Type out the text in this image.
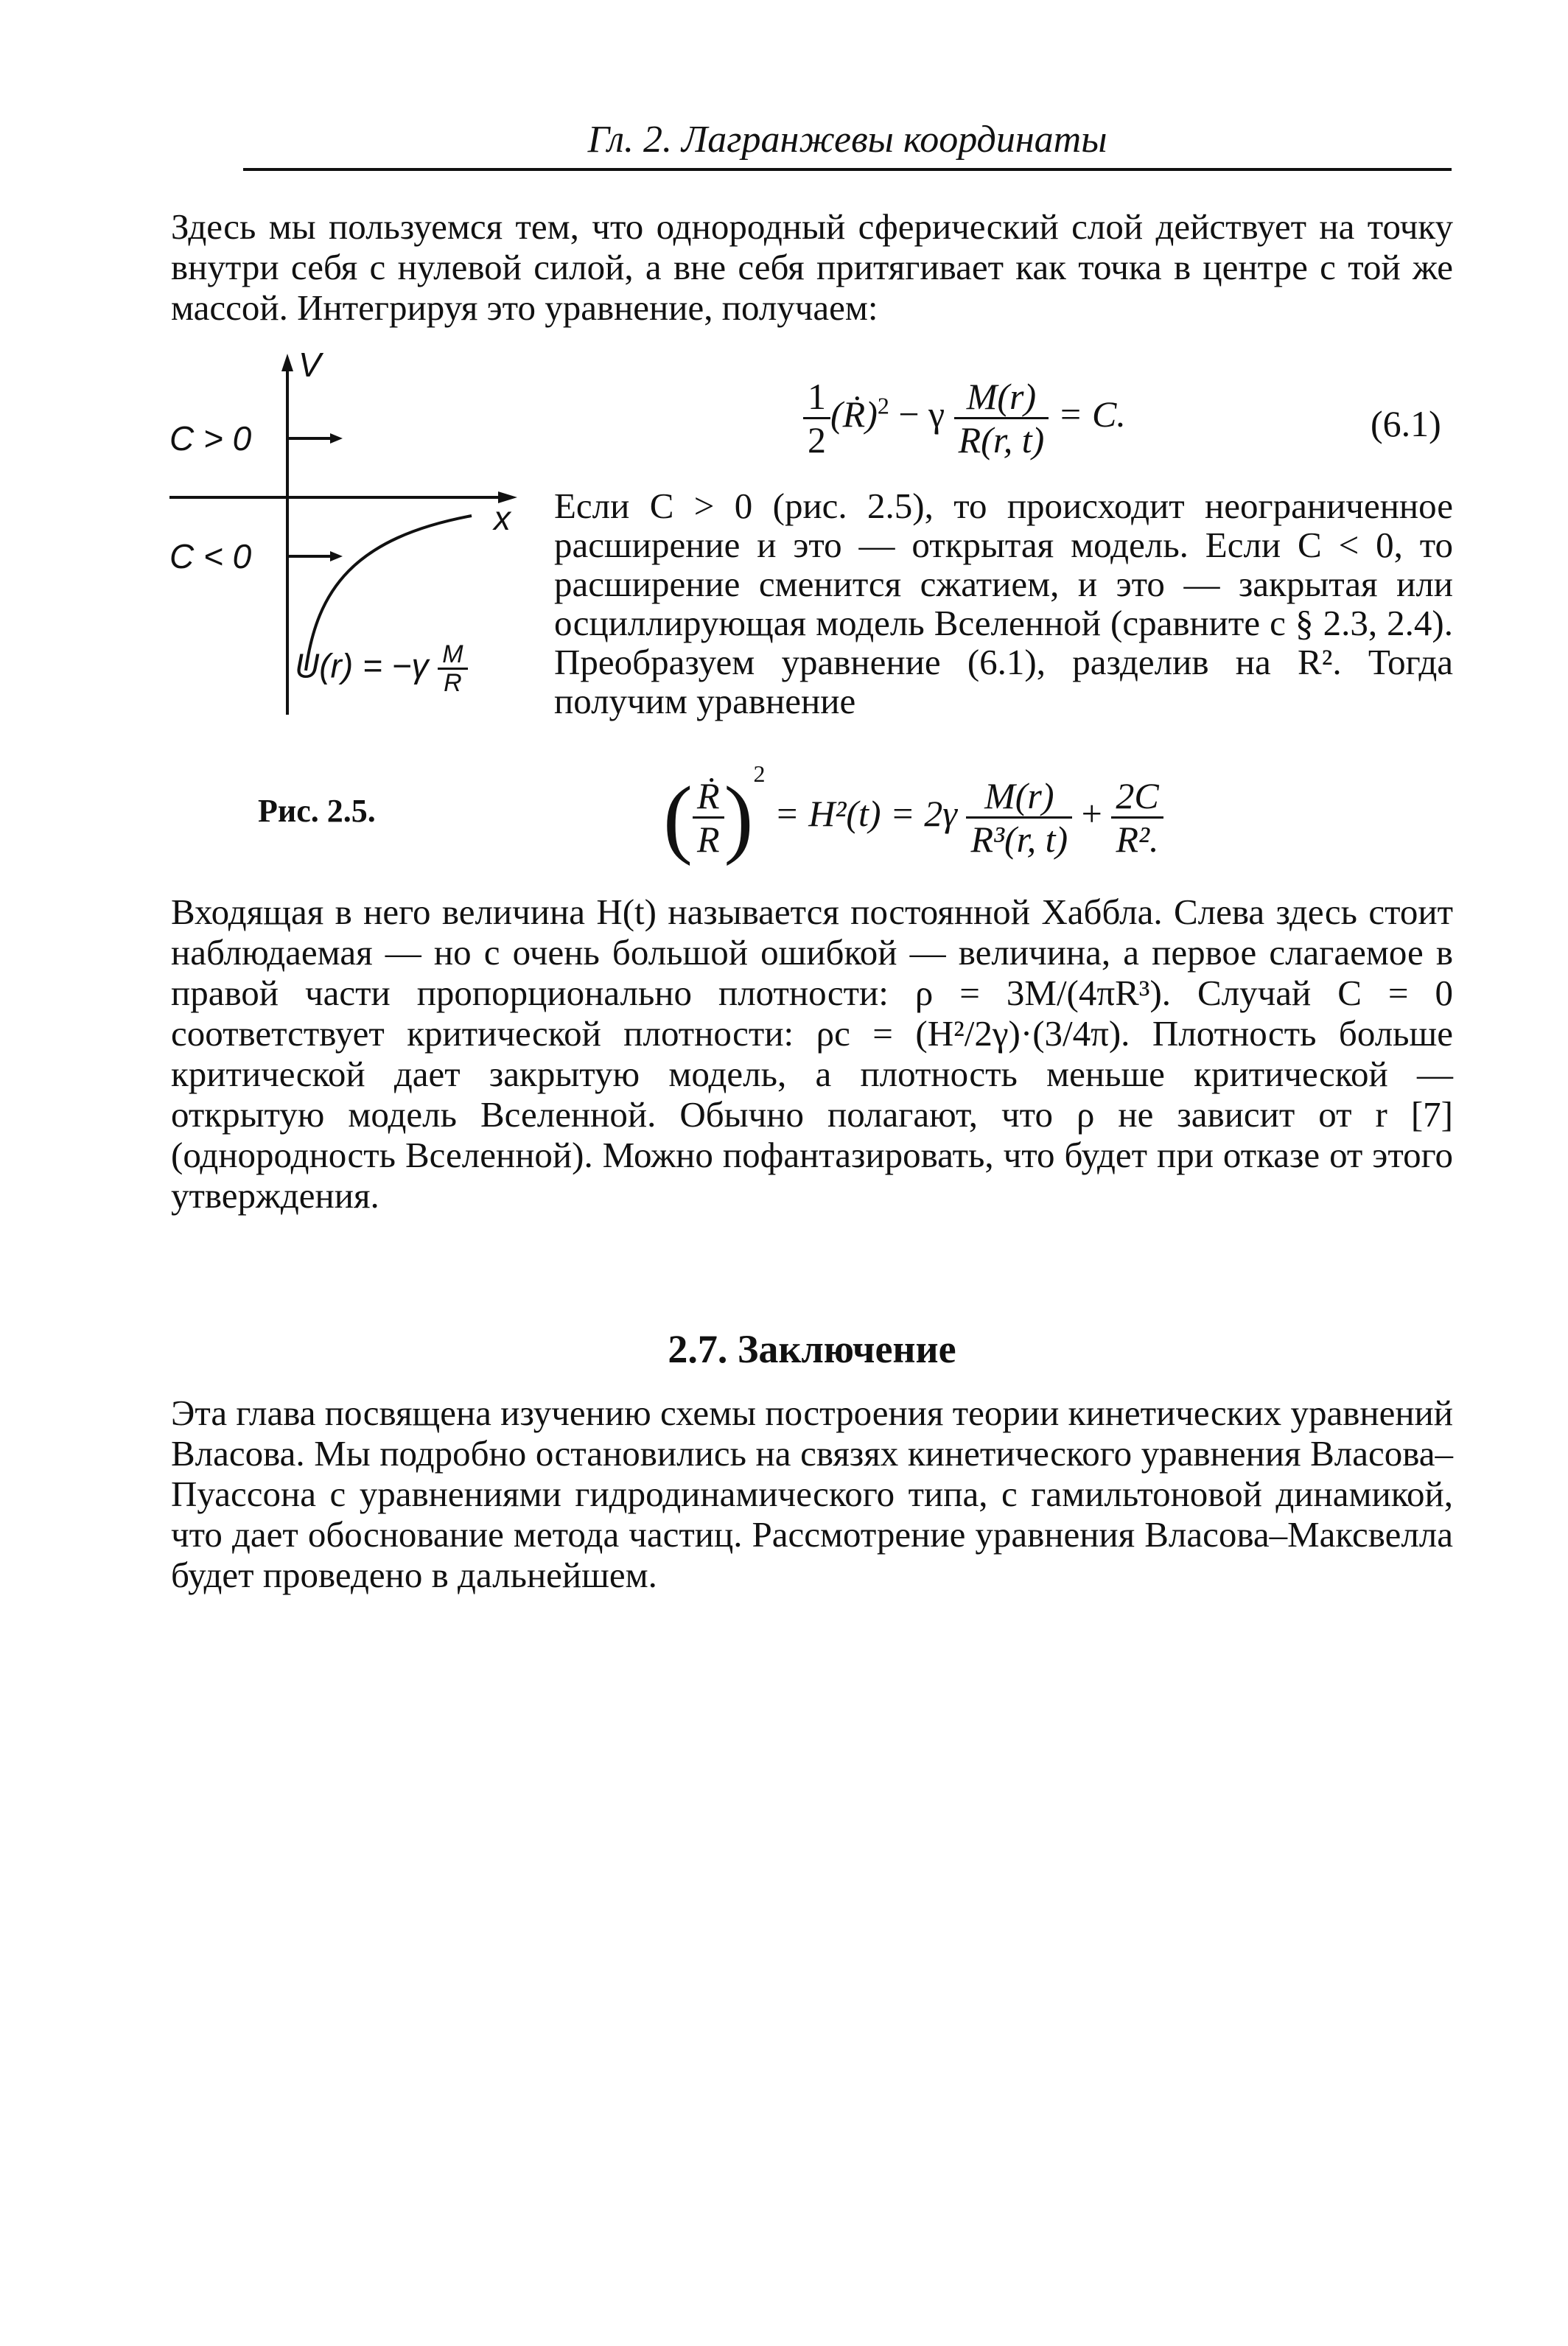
Гл. 2. Лагранжевы координаты

Здесь мы пользуемся тем, что однородный сферический слой действует на точку внутри себя с нулевой силой, а вне себя притягивает как точка в центре с той же массой. Интегрируя это уравнение, получаем:

V
x
C > 0
C < 0
$U(r) = -\gamma \frac{M}{R}$
$\frac{1}{2}$ (Ṙ)$^2$ − γ $\frac{M(r)}{R(r, t)} = C$.	(6.1)

Если C > 0 (рис. 2.5), то происходит неограниченное расширение и это — открытая модель. Если C < 0, то расширение сменится сжатием, и это — закрытая или осциллирующая модель Вселенной (сравните с § 2.3, 2.4). Преобразуем уравнение (6.1), разделив на R². Тогда получим уравнение

Рис. 2.5.	( $\frac{\text{Ṙ}}{R} )^2 = H^2(t) = 2\gamma \frac{M(r)}{\text{R³(r, t)}} + \frac{2C}{\text{R².}}$

Входящая в него величина H(t) называется постоянной Хаббла. Слева здесь стоит наблюдаемая — но с очень большой ошибкой — величина, а первое слагаемое в правой части пропорционально плотности: ρ = 3M/(4πR³). Случай C = 0 соответствует критической плотности: ρc = (H²/2γ)·(3/4π). Плотность больше критической дает закрытую модель, а плотность меньше критической — открытую модель Вселенной. Обычно полагают, что ρ не зависит от r [7] (однородность Вселенной). Можно пофантазировать, что будет при отказе от этого утверждения.

2.7. Заключение

Эта глава посвящена изучению схемы построения теории кинетических уравнений Власова. Мы подробно остановились на связях кинетического уравнения Власова–Пуассона с уравнениями гидродинамического типа, с гамильтоновой динамикой, что дает обоснование метода частиц. Рассмотрение уравнения Власова–Максвелла будет проведено в дальнейшем.
